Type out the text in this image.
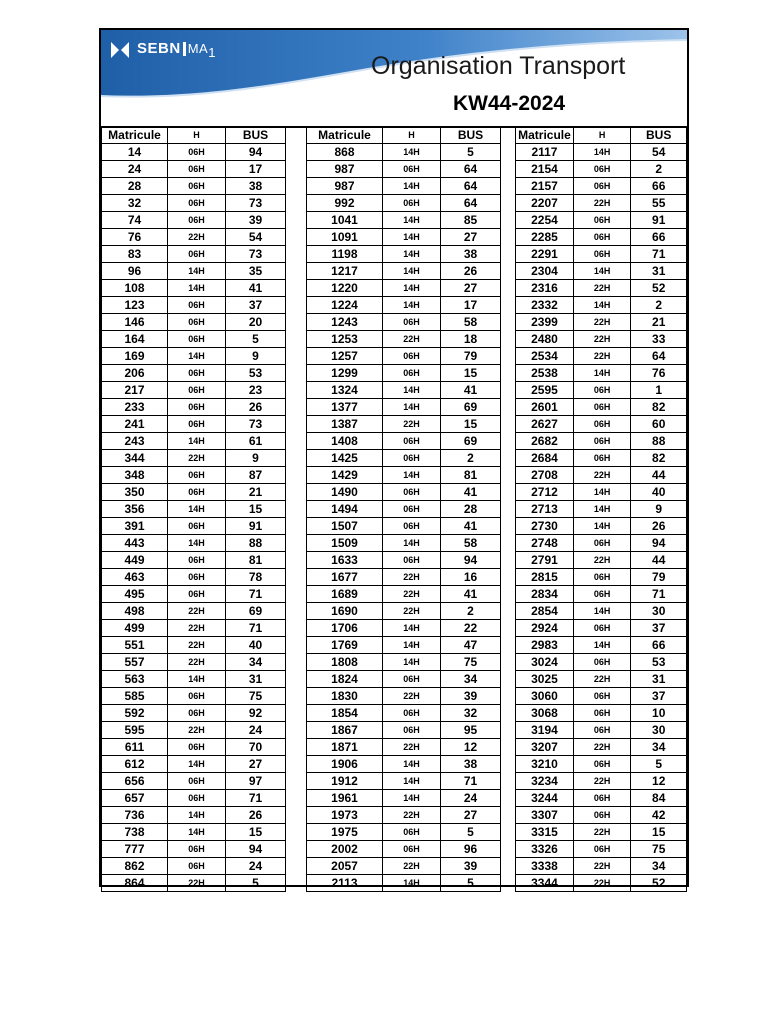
SEBN $MA_1$	Organisation Transport
KW44-2024
Matricule	H	BUS
14	06H	94
24	06H	17
28	06H	38
32	06H	73
74	06H	39
76	22H	54
83	06H	73
96	14H	35
108	14H	41
123	06H	37
146	06H	20
164	06H	5
169	14H	9
206	06H	53
217	06H	23
233	06H	26
241	06H	73
243	14H	61
344	22H	9
348	06H	87
350	06H	21
356	14H	15
391	06H	91
443	14H	88
449	06H	81
463	06H	78
495	06H	71
498	22H	69
499	22H	71
551	22H	40
557	22H	34
563	14H	31
585	06H	75
592	06H	92
595	22H	24
611	06H	70
612	14H	27
656	06H	97
657	06H	71
736	14H	26
738	14H	15
777	06H	94
862	06H	24
864	22H	5
Matricule	H	BUS
868	14H	5
987	06H	64
987	14H	64
992	06H	64
1041	14H	85
1091	14H	27
1198	14H	38
1217	14H	26
1220	14H	27
1224	14H	17
1243	06H	58
1253	22H	18
1257	06H	79
1299	06H	15
1324	14H	41
1377	14H	69
1387	22H	15
1408	06H	69
1425	06H	2
1429	14H	81
1490	06H	41
1494	06H	28
1507	06H	41
1509	14H	58
1633	06H	94
1677	22H	16
1689	22H	41
1690	22H	2
1706	14H	22
1769	14H	47
1808	14H	75
1824	06H	34
1830	22H	39
1854	06H	32
1867	06H	95
1871	22H	12
1906	14H	38
1912	14H	71
1961	14H	24
1973	22H	27
1975	06H	5
2002	06H	96
2057	22H	39
2113	14H	5
Matricule	H	BUS
2117	14H	54
2154	06H	2
2157	06H	66
2207	22H	55
2254	06H	91
2285	06H	66
2291	06H	71
2304	14H	31
2316	22H	52
2332	14H	2
2399	22H	21
2480	22H	33
2534	22H	64
2538	14H	76
2595	06H	1
2601	06H	82
2627	06H	60
2682	06H	88
2684	06H	82
2708	22H	44
2712	14H	40
2713	14H	9
2730	14H	26
2748	06H	94
2791	22H	44
2815	06H	79
2834	06H	71
2854	14H	30
2924	06H	37
2983	14H	66
3024	06H	53
3025	22H	31
3060	06H	37
3068	06H	10
3194	06H	30
3207	22H	34
3210	06H	5
3234	22H	12
3244	06H	84
3307	06H	42
3315	22H	15
3326	06H	75
3338	22H	34
3344	22H	52
